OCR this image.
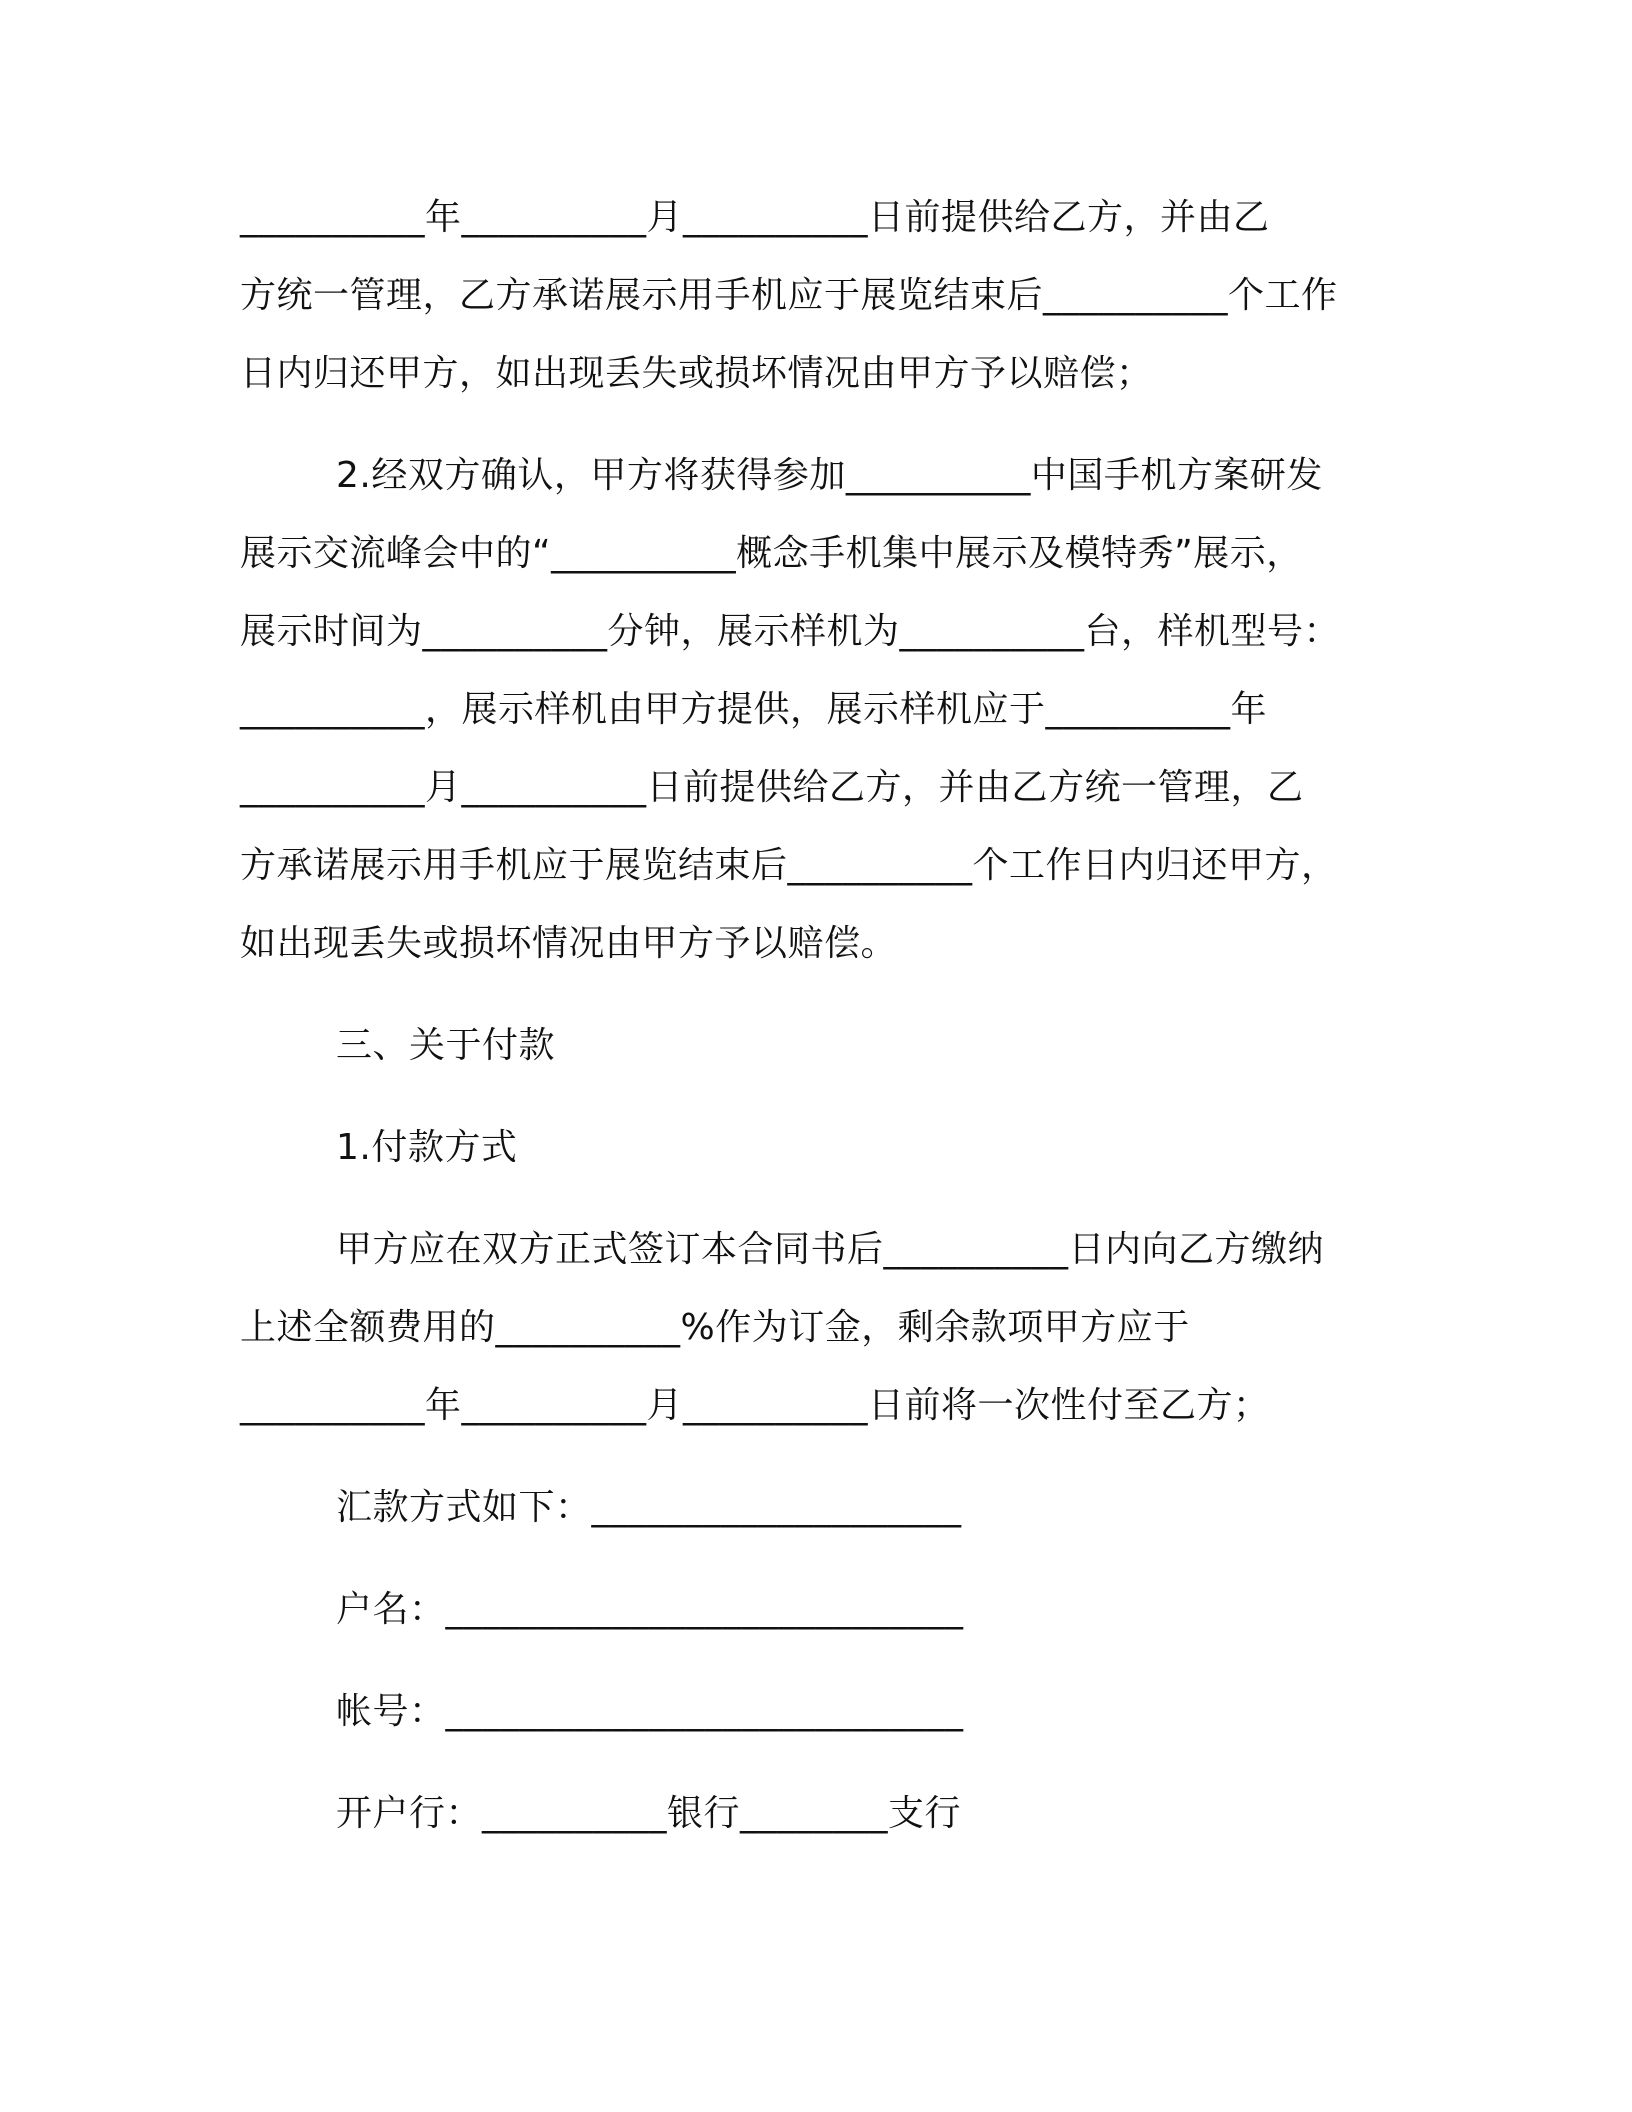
__________年__________月__________日前提供给乙方，并由乙

方统一管理，乙方承诺展示用手机应于展览结束后__________个工作

日内归还甲方，如出现丢失或损坏情况由甲方予以赔偿；

2.经双方确认，甲方将获得参加__________中国手机方案研发

展示交流峰会中的“__________概念手机集中展示及模特秀”展示，

展示时间为__________分钟，展示样机为__________台，样机型号：

__________，展示样机由甲方提供，展示样机应于__________年

__________月__________日前提供给乙方，并由乙方统一管理，乙

方承诺展示用手机应于展览结束后__________个工作日内归还甲方，

如出现丢失或损坏情况由甲方予以赔偿。

三、关于付款

1.付款方式

甲方应在双方正式签订本合同书后__________日内向乙方缴纳

上述全额费用的__________%作为订金，剩余款项甲方应于

__________年__________月__________日前将一次性付至乙方；

汇款方式如下：____________________

户名：____________________________

帐号：____________________________

开户行：__________银行________支行
